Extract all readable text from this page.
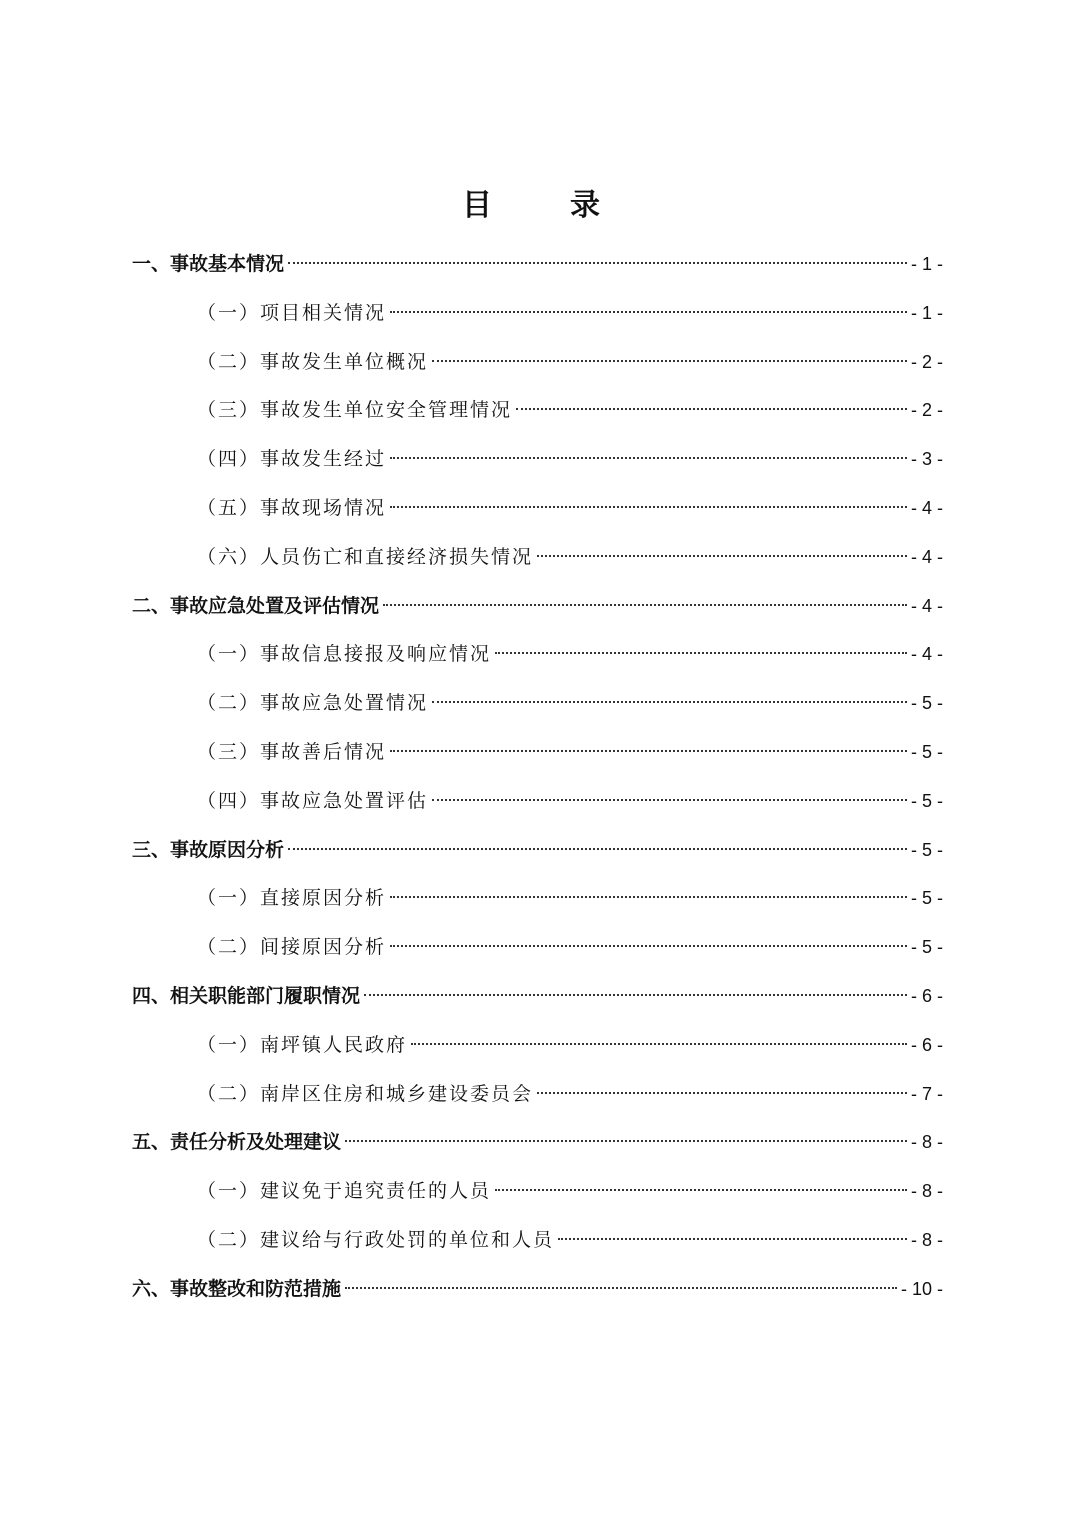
目　录
一、事故基本情况	- 1 -
（一）项目相关情况	- 1 -
（二）事故发生单位概况	- 2 -
（三）事故发生单位安全管理情况	- 2 -
（四）事故发生经过	- 3 -
（五）事故现场情况	- 4 -
（六）人员伤亡和直接经济损失情况	- 4 -
二、事故应急处置及评估情况	- 4 -
（一）事故信息接报及响应情况	- 4 -
（二）事故应急处置情况	- 5 -
（三）事故善后情况	- 5 -
（四）事故应急处置评估	- 5 -
三、事故原因分析	- 5 -
（一）直接原因分析	- 5 -
（二）间接原因分析	- 5 -
四、相关职能部门履职情况	- 6 -
（一）南坪镇人民政府	- 6 -
（二）南岸区住房和城乡建设委员会	- 7 -
五、责任分析及处理建议	- 8 -
（一）建议免于追究责任的人员	- 8 -
（二）建议给与行政处罚的单位和人员	- 8 -
六、事故整改和防范措施	- 10 -
